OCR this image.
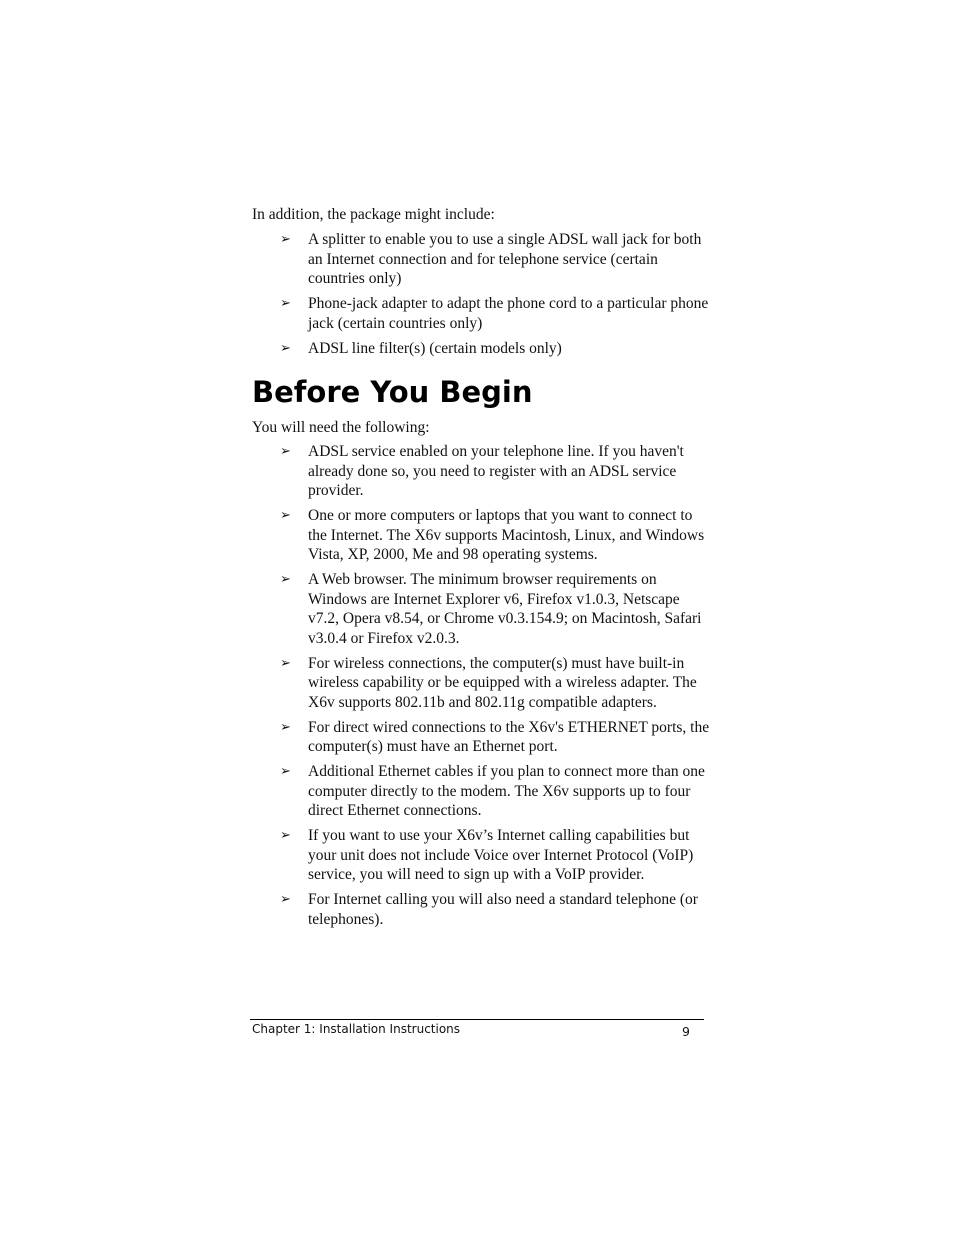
In addition, the package might include:
➢	A splitter to enable you to use a single ADSL wall jack for both an Internet connection and for telephone service (certain countries only)
➢	Phone-jack adapter to adapt the phone cord to a particular phone jack (certain countries only)
➢	ADSL line filter(s) (certain models only)
Before You Begin
You will need the following:
➢	ADSL service enabled on your telephone line. If you haven't already done so, you need to register with an ADSL service provider.
➢	One or more computers or laptops that you want to connect to the Internet. The X6v supports Macintosh, Linux, and Windows Vista, XP, 2000, Me and 98 operating systems.
➢	A Web browser. The minimum browser requirements on Windows are Internet Explorer v6, Firefox v1.0.3, Netscape v7.2, Opera v8.54, or Chrome v0.3.154.9; on Macintosh, Safari v3.0.4 or Firefox v2.0.3.
➢	For wireless connections, the computer(s) must have built-in wireless capability or be equipped with a wireless adapter. The X6v supports 802.11b and 802.11g compatible adapters.
➢	For direct wired connections to the X6v's ETHERNET ports, the computer(s) must have an Ethernet port.
➢	Additional Ethernet cables if you plan to connect more than one computer directly to the modem. The X6v supports up to four direct Ethernet connections.
➢	If you want to use your X6v’s Internet calling capabilities but your unit does not include Voice over Internet Protocol (VoIP) service, you will need to sign up with a VoIP provider.
➢	For Internet calling you will also need a standard telephone (or telephones).
Chapter 1: Installation Instructions	9
